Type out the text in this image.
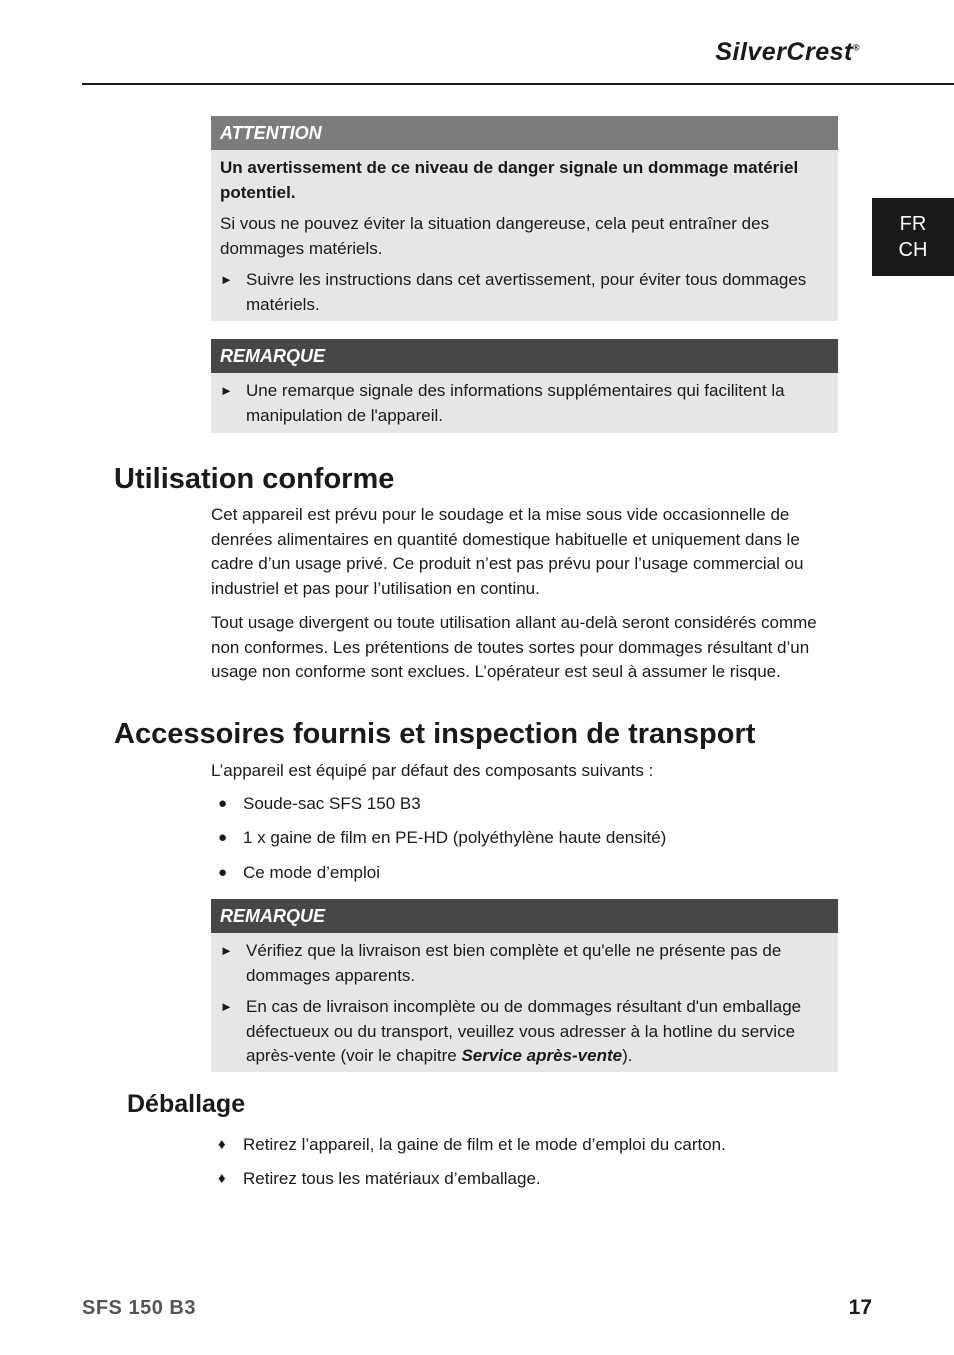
SilverCrest®
FR
CH
ATTENTION

Un avertissement de ce niveau de danger signale un dommage matériel potentiel.

Si vous ne pouvez éviter la situation dangereuse, cela peut entraîner des dommages matériels.

► Suivre les instructions dans cet avertissement, pour éviter tous dommages matériels.
REMARQUE
► Une remarque signale des informations supplémentaires qui facilitent la manipulation de l'appareil.
Utilisation conforme

Cet appareil est prévu pour le soudage et la mise sous vide occasionnelle de denrées alimentaires en quantité domestique habituelle et uniquement dans le cadre d’un usage privé. Ce produit n’est pas prévu pour l’usage commercial ou industriel et pas pour l’utilisation en continu.

Tout usage divergent ou toute utilisation allant au-delà seront considérés comme non conformes. Les prétentions de toutes sortes pour dommages résultant d’un usage non conforme sont exclues. L’opérateur est seul à assumer le risque.

Accessoires fournis et inspection de transport

L’appareil est équipé par défaut des composants suivants :

● Soude-sac SFS 150 B3
● 1 x gaine de film en PE-HD (polyéthylène haute densité)
● Ce mode d’emploi
REMARQUE
► Vérifiez que la livraison est bien complète et qu'elle ne présente pas de dommages apparents.
► En cas de livraison incomplète ou de dommages résultant d'un emballage défectueux ou du transport, veuillez vous adresser à la hotline du service après-vente (voir le chapitre Service après-vente).
Déballage
♦	Retirez l’appareil, la gaine de film et le mode d’emploi du carton.
♦	Retirez tous les matériaux d’emballage.
SFS 150 B3	17
